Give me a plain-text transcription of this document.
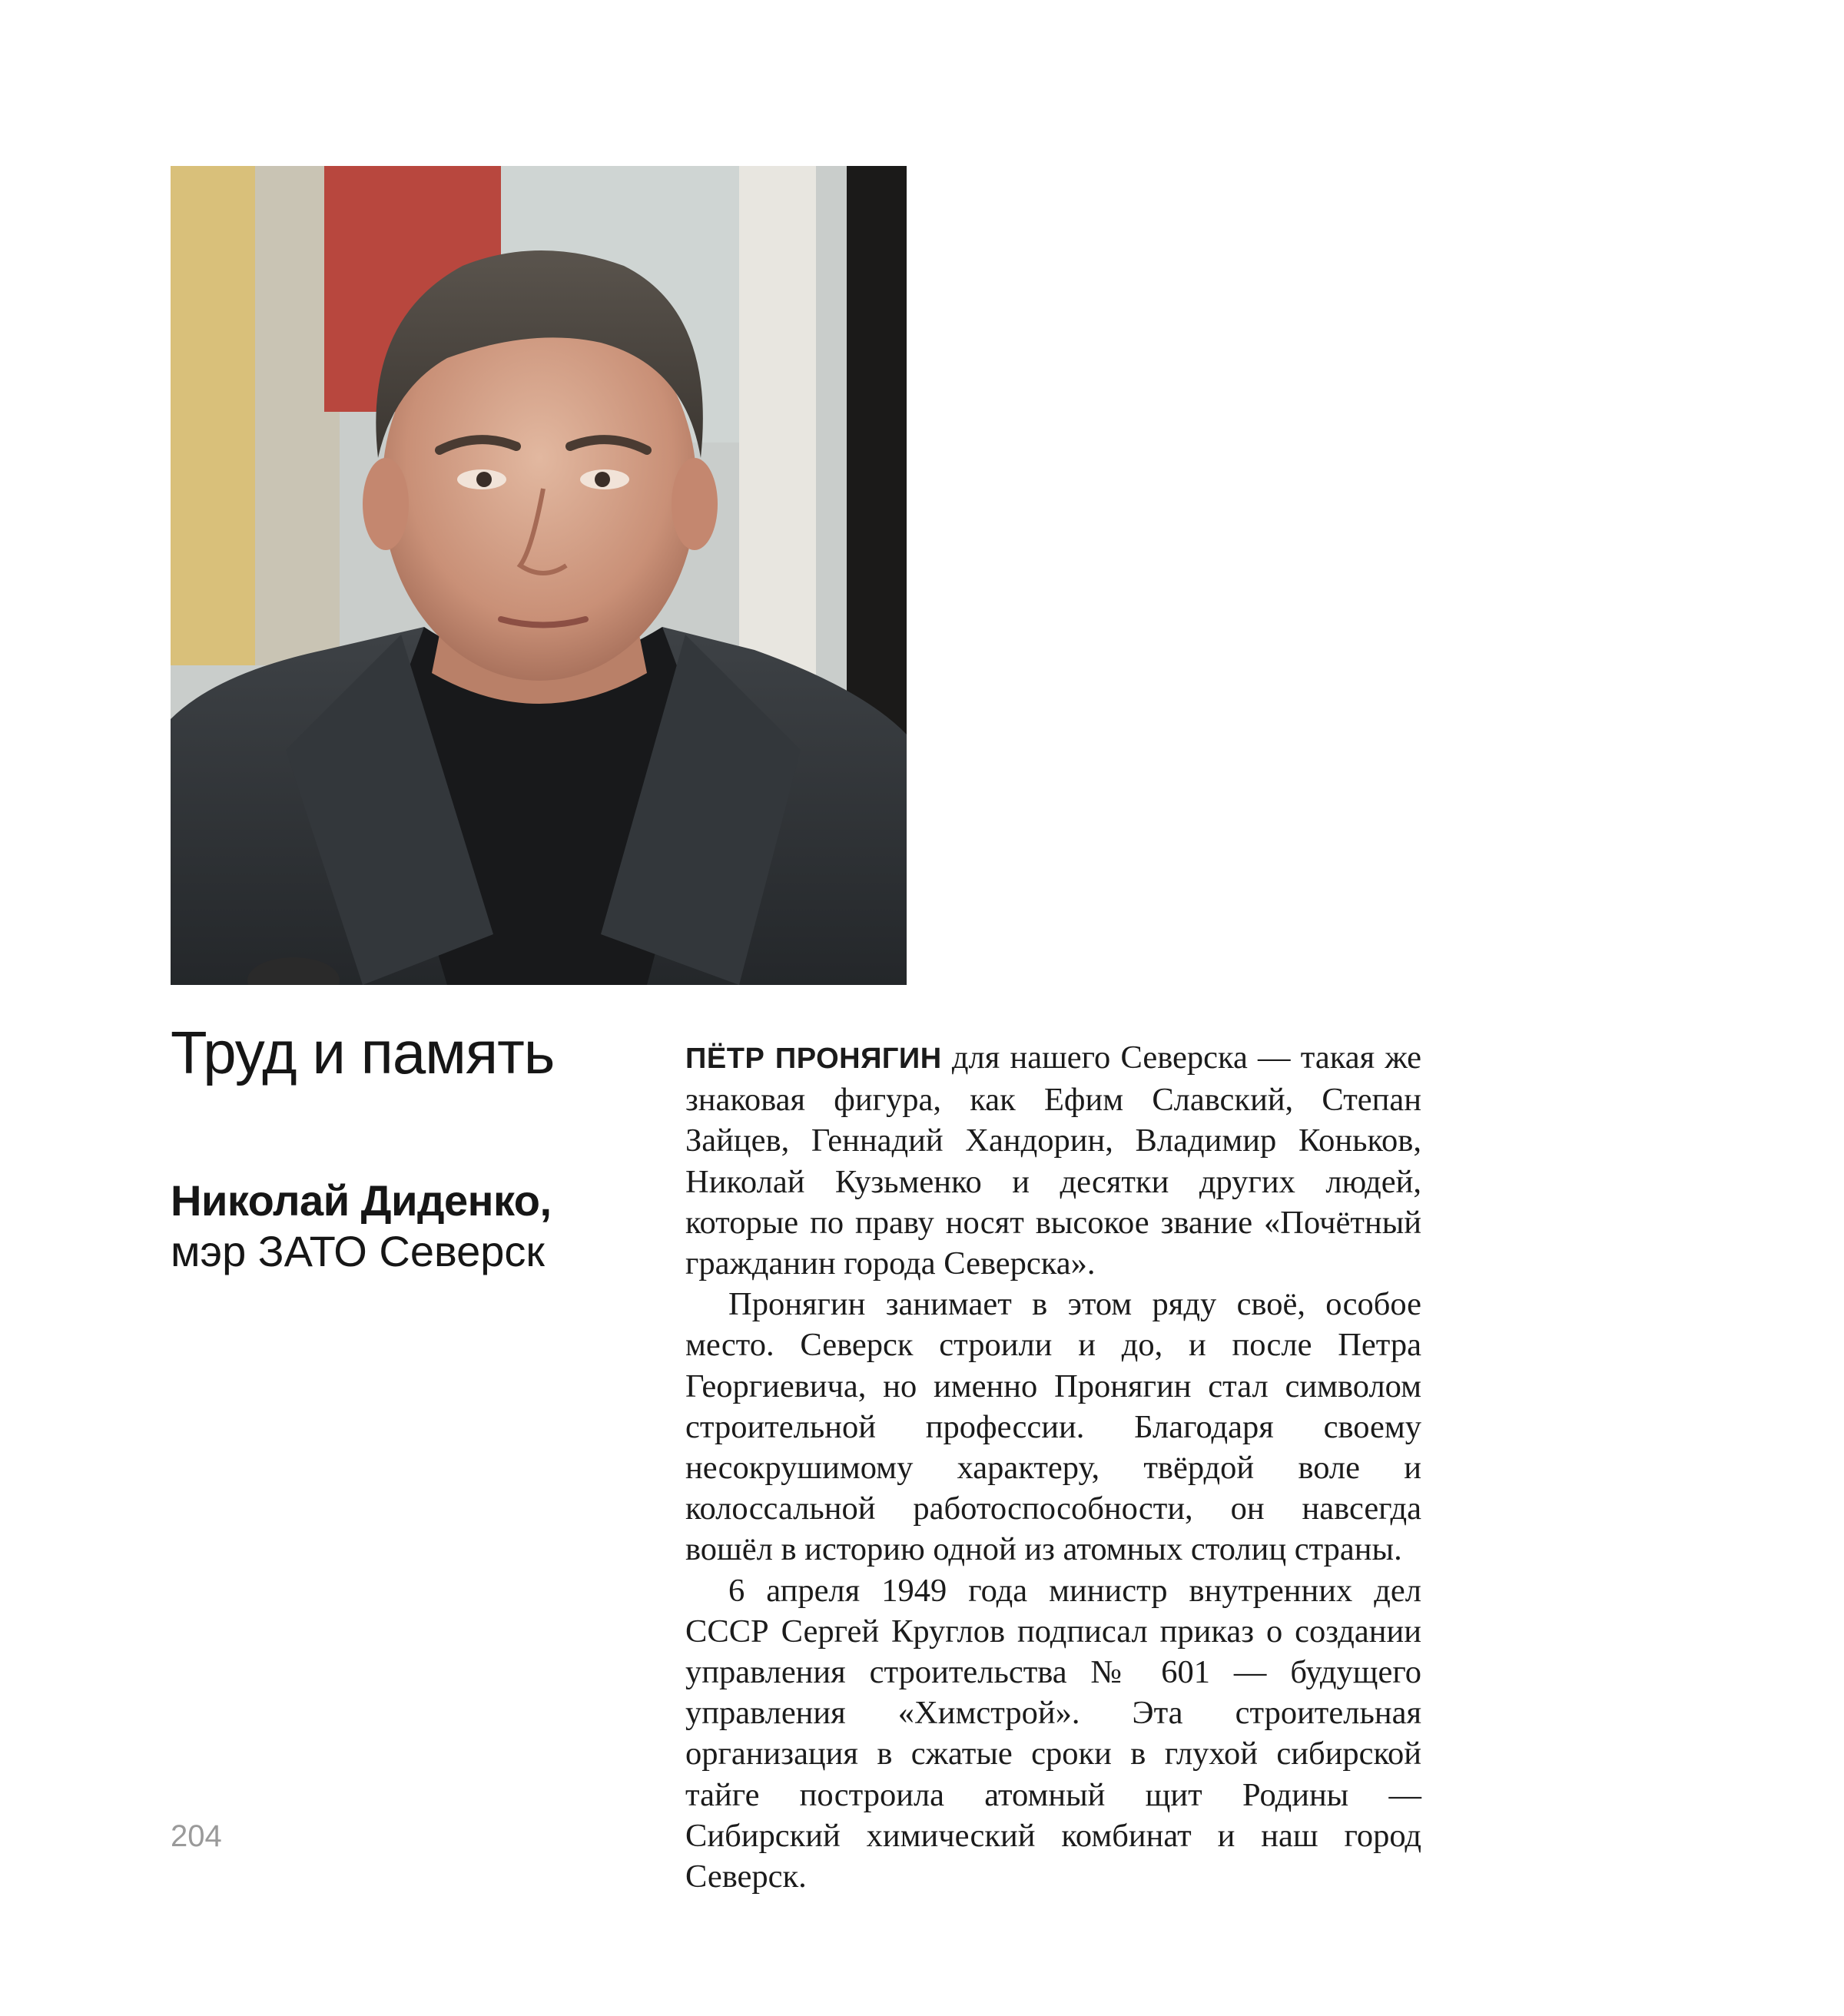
Труд и память
Николай Диденко,
мэр ЗАТО Северск
204

ПЁТР ПРОНЯГИН для нашего Северска — такая же знаковая фигура, как Ефим Славский, Степан Зайцев, Геннадий Хандорин, Владимир Коньков, Николай Кузьменко и десятки других людей, которые по праву носят высокое звание «Почётный гражданин города Северска».

Пронягин занимает в этом ряду своё, особое место. Северск строили и до, и после Петра Георгиевича, но именно Пронягин стал символом строительной профессии. Благодаря своему несокрушимому характеру, твёрдой воле и колоссальной работоспособности, он навсегда вошёл в историю одной из атомных столиц страны.

6 апреля 1949 года министр внутренних дел СССР Сергей Круглов подписал приказ о создании управления строительства № 601 — будущего управления «Химстрой». Эта строительная организация в сжатые сроки в глухой сибирской тайге построила атомный щит Родины — Сибирский химический комбинат и наш город Северск.
